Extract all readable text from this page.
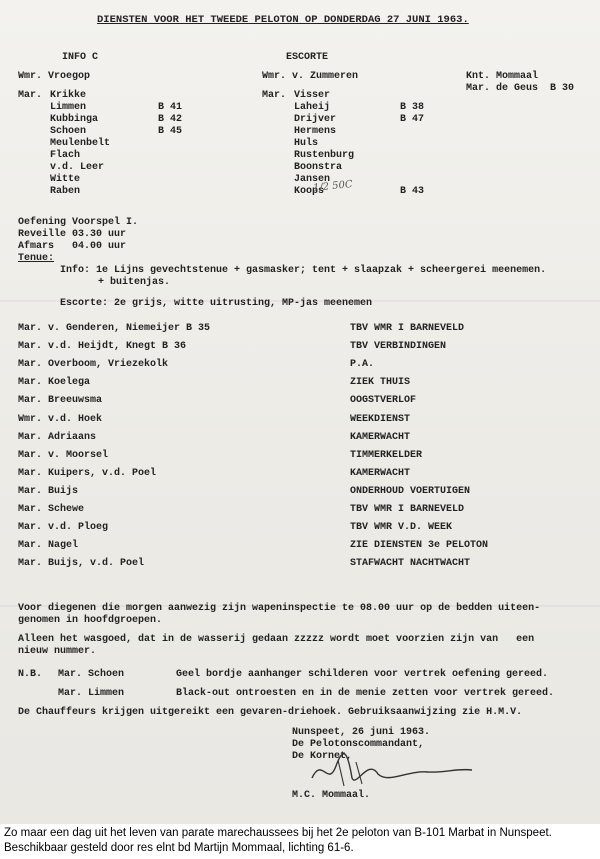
DIENSTEN VOOR HET TWEEDE PELOTON OP DONDERDAG 27 JUNI 1963.
INFO C
Wmr. Vroegop
Mar. Krikke
Limmen	B 41
Kubbinga	B 42
Schoen	B 45
Meulenbelt
Flach
v.d. Leer
Witte
Raben
ESCORTE
Wmr. v. Zummeren
Mar. Visser
Laheij	B 38
Drijver	B 47
Hermens
Huls
Rustenburg
Boonstra
Jansen
Koops	B 43
Knt. Mommaal
Mar. de Geus  B 30
1/2 50C
Oefening Voorspel I.
Reveille 03.30 uur
Afmars   04.00 uur
Tenue:
Info: 1e Lijns gevechtstenue + gasmasker; tent + slaapzak + scheergerei meenemen.
+ buitenjas.
Escorte: 2e grijs, witte uitrusting, MP-jas meenemen
Mar. v. Genderen, Niemeijer B 35	TBV WMR I BARNEVELD
Mar. v.d. Heijdt, Knegt B 36	TBV VERBINDINGEN
Mar. Overboom, Vriezekolk	P.A.
Mar. Koelega	ZIEK THUIS
Mar. Breeuwsma	OOGSTVERLOF
Wmr. v.d. Hoek	WEEKDIENST
Mar. Adriaans	KAMERWACHT
Mar. v. Moorsel	TIMMERKELDER
Mar. Kuipers, v.d. Poel	KAMERWACHT
Mar. Buijs	ONDERHOUD VOERTUIGEN
Mar. Schewe	TBV WMR I BARNEVELD
Mar. v.d. Ploeg	TBV WMR V.D. WEEK
Mar. Nagel	ZIE DIENSTEN 3e PELOTON
Mar. Buijs, v.d. Poel	STAFWACHT NACHTWACHT
Voor diegenen die morgen aanwezig zijn wapeninspectie te 08.00 uur op de bedden uiteen-
genomen in hoofdgroepen.
Alleen het wasgoed, dat in de wasserij gedaan zzzzz wordt moet voorzien zijn van   een
nieuw nummer.
N.B. Mar. Schoen	Geel bordje aanhanger schilderen voor vertrek oefening gereed.
Mar. Limmen	Black-out ontroesten en in de menie zetten voor vertrek gereed.
De Chauffeurs krijgen uitgereikt een gevaren-driehoek. Gebruiksaanwijzing zie H.M.V.
Nunspeet, 26 juni 1963.
De Pelotonscommandant,
De Kornet,
M.C. Mommaal.
Zo maar een dag uit het leven van parate marechaussees bij het 2e peloton van B-101 Marbat in Nunspeet. Beschikbaar gesteld door res elnt bd Martijn Mommaal, lichting 61-6.
